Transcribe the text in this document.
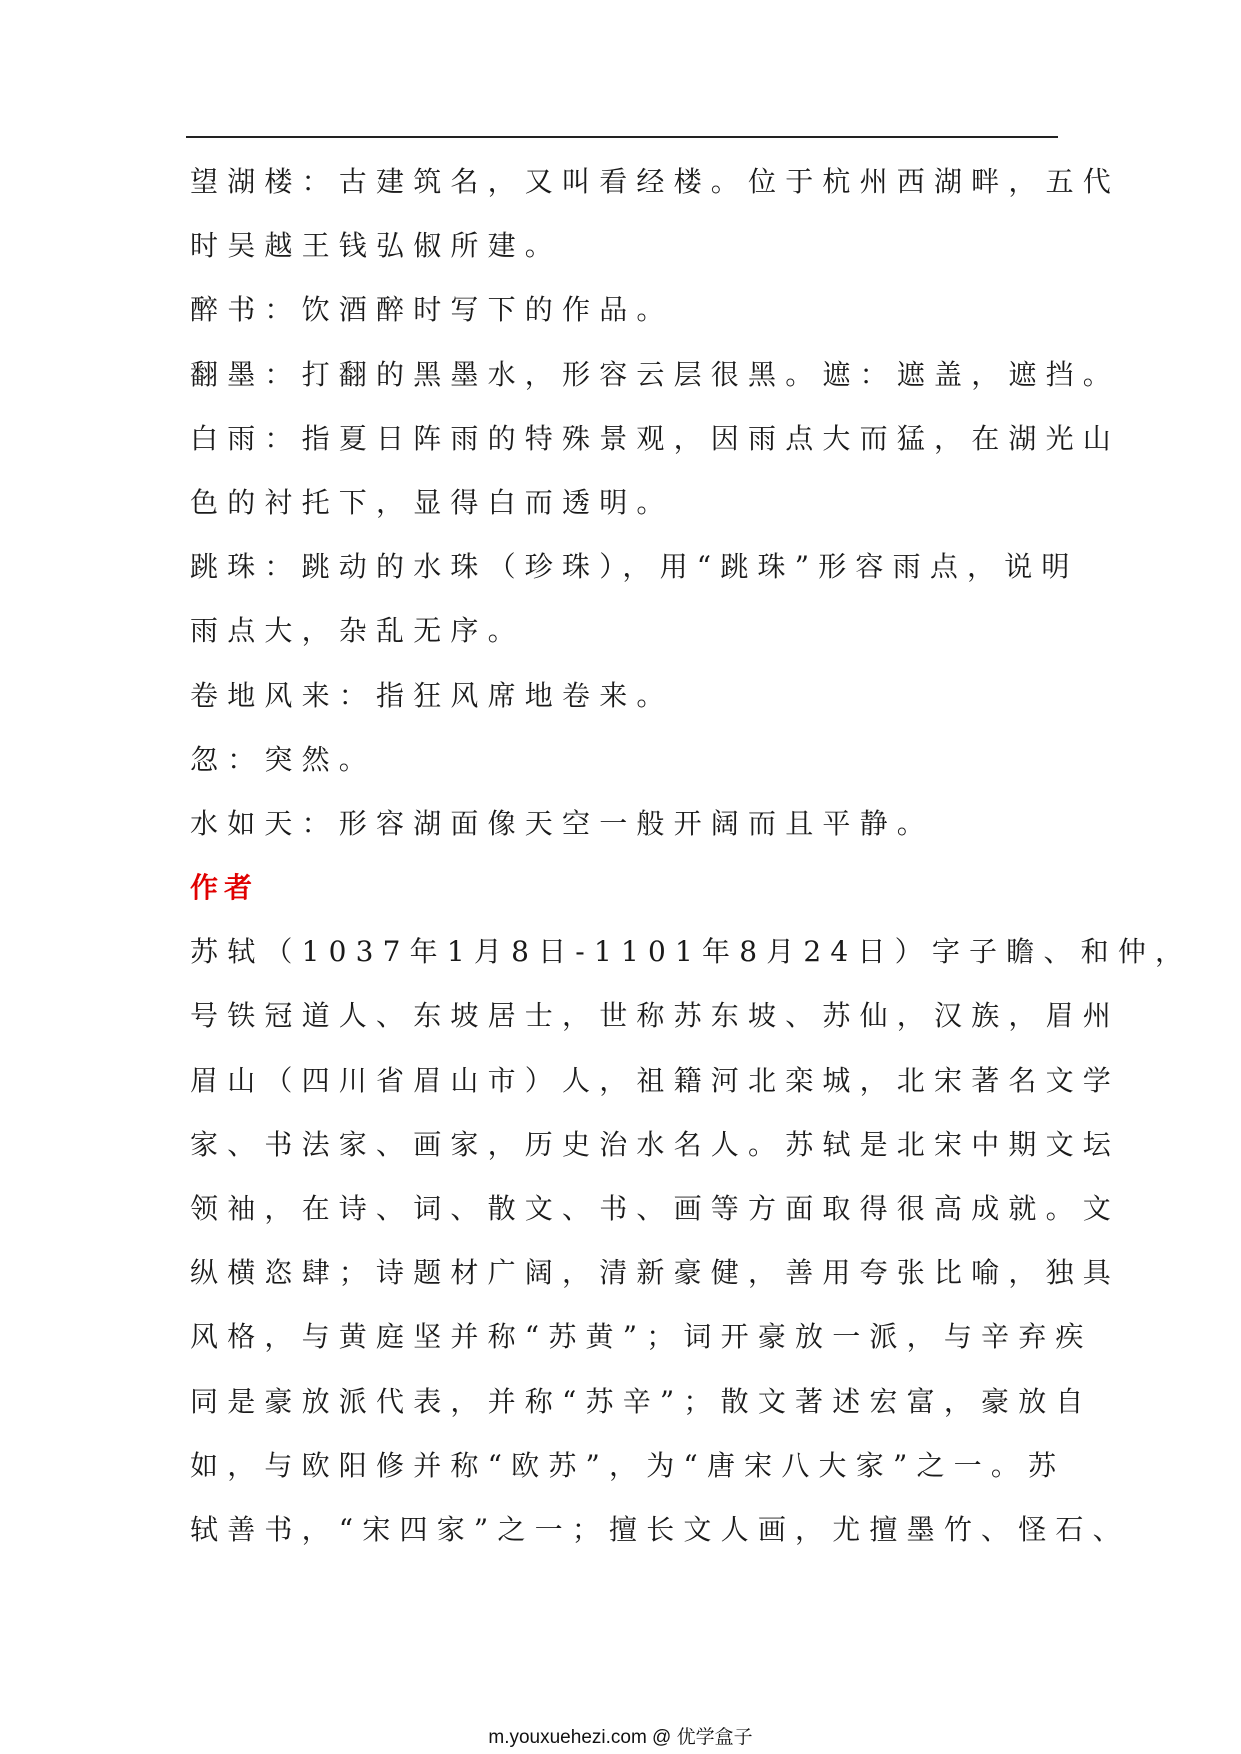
望湖楼：古建筑名，又叫看经楼。位于杭州西湖畔，五代
时吴越王钱弘俶所建。
醉书：饮酒醉时写下的作品。
翻墨：打翻的黑墨水，形容云层很黑。遮：遮盖，遮挡。
白雨：指夏日阵雨的特殊景观，因雨点大而猛，在湖光山
色的衬托下，显得白而透明。
跳珠：跳动的水珠（珍珠），用“跳珠”形容雨点，说明
雨点大，杂乱无序。
卷地风来：指狂风席地卷来。
忽：突然。
水如天：形容湖面像天空一般开阔而且平静。
作者
苏轼（1037年1月8日-1101年8月24日）字子瞻、和仲，
号铁冠道人、东坡居士，世称苏东坡、苏仙，汉族，眉州
眉山（四川省眉山市）人，祖籍河北栾城，北宋著名文学
家、书法家、画家，历史治水名人。苏轼是北宋中期文坛
领袖，在诗、词、散文、书、画等方面取得很高成就。文
纵横恣肆；诗题材广阔，清新豪健，善用夸张比喻，独具
风格，与黄庭坚并称“苏黄”；词开豪放一派，与辛弃疾
同是豪放派代表，并称“苏辛”；散文著述宏富，豪放自
如，与欧阳修并称“欧苏”，为“唐宋八大家”之一。苏
轼善书，“宋四家”之一；擅长文人画，尤擅墨竹、怪石、
m.youxuehezi.com @ 优学盒子
